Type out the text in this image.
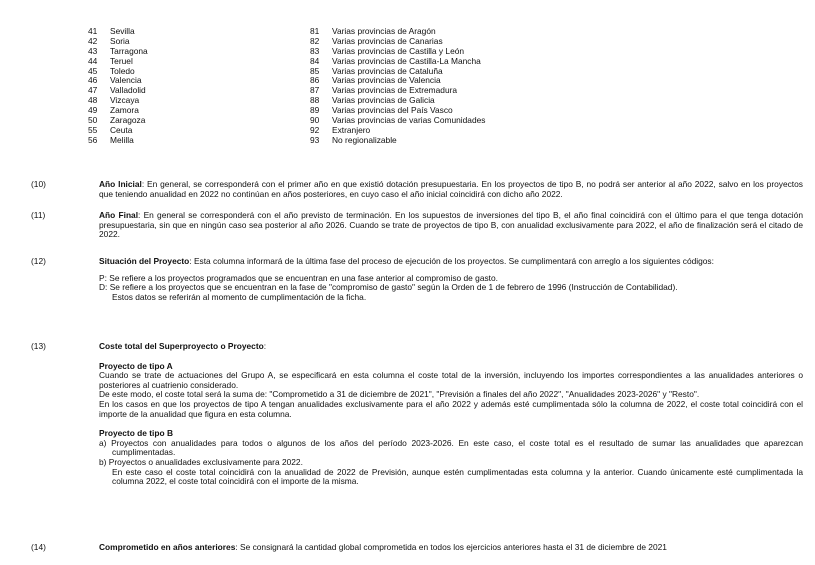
41	Sevilla	81	Varias provincias de Aragón
42	Soria	82	Varias provincias de Canarias
43	Tarragona	83	Varias provincias de Castilla y León
44	Teruel	84	Varias provincias de Castilla-La Mancha
45	Toledo	85	Varias provincias de Cataluña
46	Valencia	86	Varias provincias de Valencia
47	Valladolid	87	Varias provincias de Extremadura
48	Vizcaya	88	Varias provincias de Galicia
49	Zamora	89	Varias provincias del País Vasco
50	Zaragoza	90	Varias provincias de varias Comunidades
55	Ceuta	92	Extranjero
56	Melilla	93	No regionalizable
(10)	Año Inicial: En general, se corresponderá con el primer año en que existió dotación presupuestaria. En los proyectos de tipo B, no podrá ser anterior al año 2022, salvo en los proyectos que teniendo anualidad en 2022 no continúan en años posteriores, en cuyo caso el año inicial coincidirá con dicho año 2022.

(11)	Año Final: En general se corresponderá con el año previsto de terminación. En los supuestos de inversiones del tipo B, el año final coincidirá con el último para el que tenga dotación presupuestaria, sin que en ningún caso sea posterior al año 2026. Cuando se trate de proyectos de tipo B, con anualidad exclusivamente para 2022, el año de finalización será el citado de 2022.

(12)	Situación del Proyecto: Esta columna informará de la última fase del proceso de ejecución de los proyectos. Se cumplimentará con arreglo a los siguientes códigos:

P: Se refiere a los proyectos programados que se encuentran en una fase anterior al compromiso de gasto.

D: Se refiere a los proyectos que se encuentran en la fase de "compromiso de gasto" según la Orden de 1 de febrero de 1996 (Instrucción de Contabilidad).

Estos datos se referirán al momento de cumplimentación de la ficha.

(13)	Coste total del Superproyecto o Proyecto:

Proyecto de tipo A

Cuando se trate de actuaciones del Grupo A, se especificará en esta columna el coste total de la inversión, incluyendo los importes correspondientes a las anualidades anteriores o posteriores al cuatrienio considerado.

De este modo, el coste total será la suma de: "Comprometido a 31 de diciembre de 2021", "Previsión a finales del año 2022", "Anualidades 2023-2026" y "Resto".

En los casos en que los proyectos de tipo A tengan anualidades exclusivamente para el año 2022 y además esté cumplimentada sólo la columna de 2022, el coste total coincidirá con el importe de la anualidad que figura en esta columna.

Proyecto de tipo B

a) Proyectos con anualidades para todos o algunos de los años del período 2023-2026. En este caso, el coste total es el resultado de sumar las anualidades que aparezcan cumplimentadas.

b) Proyectos o anualidades exclusivamente para 2022.

En este caso el coste total coincidirá con la anualidad de 2022 de Previsión, aunque estén cumplimentadas esta columna y la anterior. Cuando únicamente esté cumplimentada la columna 2022, el coste total coincidirá con el importe de la misma.

(14)	Comprometido en años anteriores: Se consignará la cantidad global comprometida en todos los ejercicios anteriores hasta el 31 de diciembre de 2021
